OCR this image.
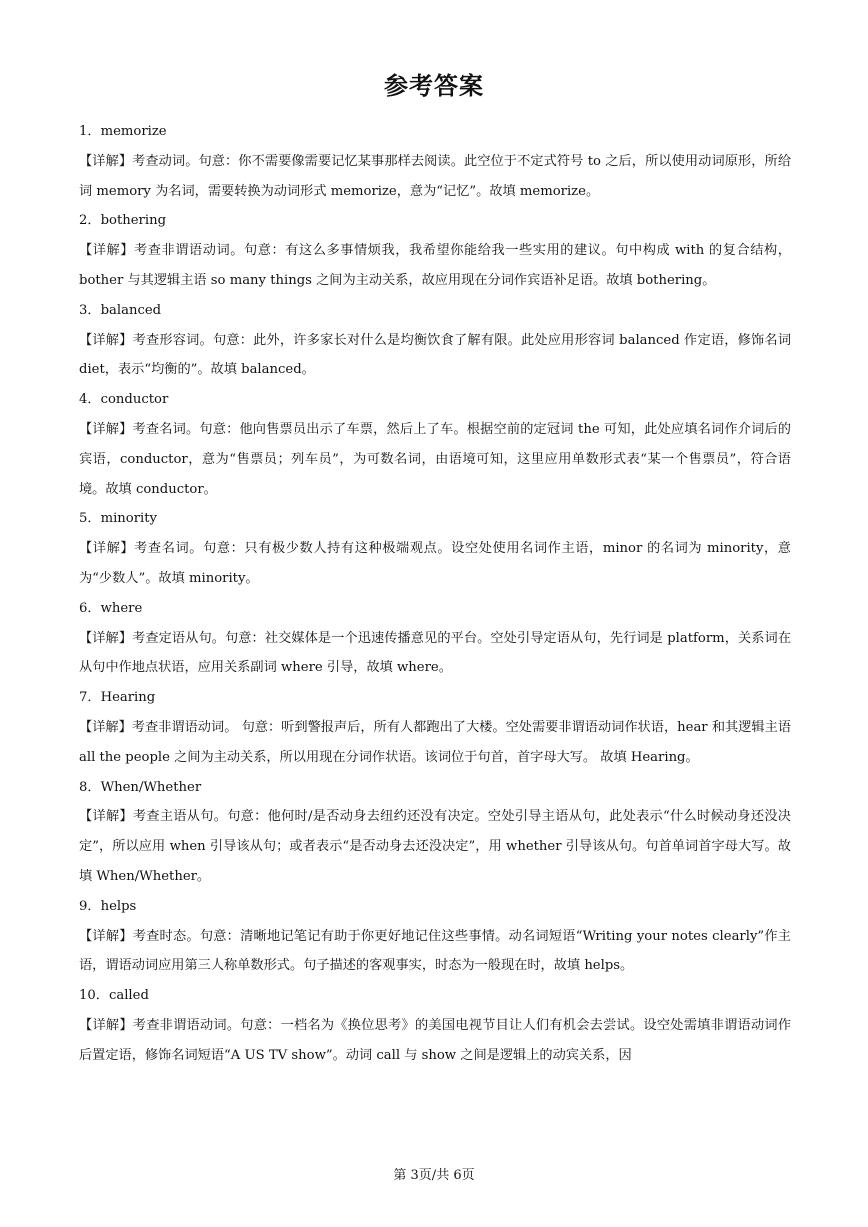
参考答案
1．memorize
【详解】考查动词。句意：你不需要像需要记忆某事那样去阅读。此空位于不定式符号 to 之后，所以使用动词原形，所给词 memory 为名词，需要转换为动词形式 memorize，意为“记忆”。故填 memorize。
2．bothering
【详解】考查非谓语动词。句意：有这么多事情烦我，我希望你能给我一些实用的建议。句中构成 with 的复合结构，bother 与其逻辑主语 so many things 之间为主动关系，故应用现在分词作宾语补足语。故填 bothering。
3．balanced
【详解】考查形容词。句意：此外，许多家长对什么是均衡饮食了解有限。此处应用形容词 balanced 作定语，修饰名词 diet，表示“均衡的”。故填 balanced。
4．conductor
【详解】考查名词。句意：他向售票员出示了车票，然后上了车。根据空前的定冠词 the 可知，此处应填名词作介词后的宾语，conductor，意为“售票员；列车员”，为可数名词，由语境可知，这里应用单数形式表“某一个售票员”，符合语境。故填 conductor。
5．minority
【详解】考查名词。句意：只有极少数人持有这种极端观点。设空处使用名词作主语，minor 的名词为 minority，意为“少数人”。故填 minority。
6．where
【详解】考查定语从句。句意：社交媒体是一个迅速传播意见的平台。空处引导定语从句，先行词是 platform，关系词在从句中作地点状语，应用关系副词 where 引导，故填 where。
7．Hearing
【详解】考查非谓语动词。 句意：听到警报声后，所有人都跑出了大楼。空处需要非谓语动词作状语，hear 和其逻辑主语 all the people 之间为主动关系，所以用现在分词作状语。该词位于句首，首字母大写。 故填 Hearing。
8．When/Whether
【详解】考查主语从句。句意：他何时/是否动身去纽约还没有决定。空处引导主语从句，此处表示“什么时候动身还没决定”，所以应用 when 引导该从句；或者表示“是否动身去还没决定”，用 whether 引导该从句。句首单词首字母大写。故填 When/Whether。
9．helps
【详解】考查时态。句意：清晰地记笔记有助于你更好地记住这些事情。动名词短语“Writing your notes clearly”作主语，谓语动词应用第三人称单数形式。句子描述的客观事实，时态为一般现在时，故填 helps。
10．called
【详解】考查非谓语动词。句意：一档名为《换位思考》的美国电视节目让人们有机会去尝试。设空处需填非谓语动词作后置定语，修饰名词短语“A US TV show”。动词 call 与 show 之间是逻辑上的动宾关系，因
第 3页/共 6页
